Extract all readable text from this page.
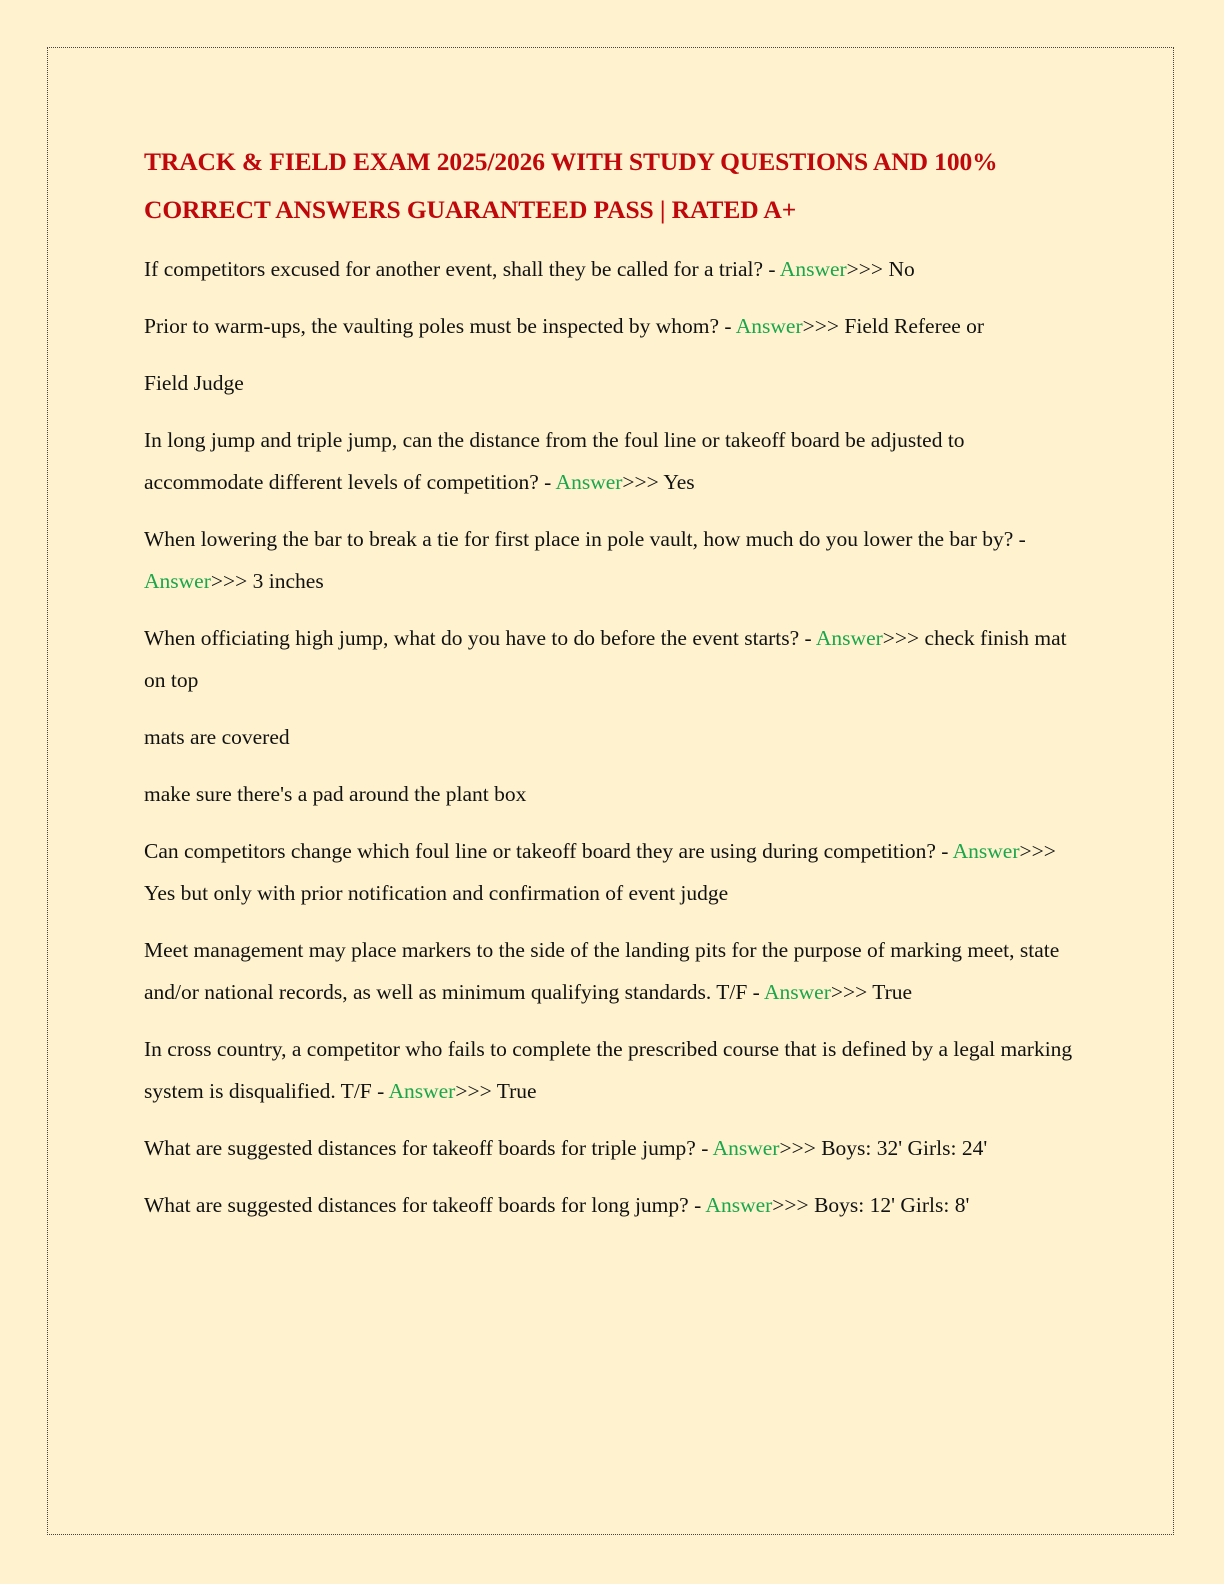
TRACK & FIELD EXAM 2025/2026 WITH STUDY QUESTIONS AND 100% CORRECT ANSWERS GUARANTEED PASS | RATED A+

If competitors excused for another event, shall they be called for a trial? - Answer>>> No

Prior to warm-ups, the vaulting poles must be inspected by whom? - Answer>>> Field Referee or

Field Judge

In long jump and triple jump, can the distance from the foul line or takeoff board be adjusted to accommodate different levels of competition? - Answer>>> Yes

When lowering the bar to break a tie for first place in pole vault, how much do you lower the bar by? - Answer>>> 3 inches

When officiating high jump, what do you have to do before the event starts? - Answer>>> check finish mat on top

mats are covered

make sure there's a pad around the plant box

Can competitors change which foul line or takeoff board they are using during competition? - Answer>>> Yes but only with prior notification and confirmation of event judge

Meet management may place markers to the side of the landing pits for the purpose of marking meet, state and/or national records, as well as minimum qualifying standards. T/F - Answer>>> True

In cross country, a competitor who fails to complete the prescribed course that is defined by a legal marking system is disqualified. T/F - Answer>>> True

What are suggested distances for takeoff boards for triple jump? - Answer>>> Boys: 32' Girls: 24'

What are suggested distances for takeoff boards for long jump? - Answer>>> Boys: 12' Girls: 8'
